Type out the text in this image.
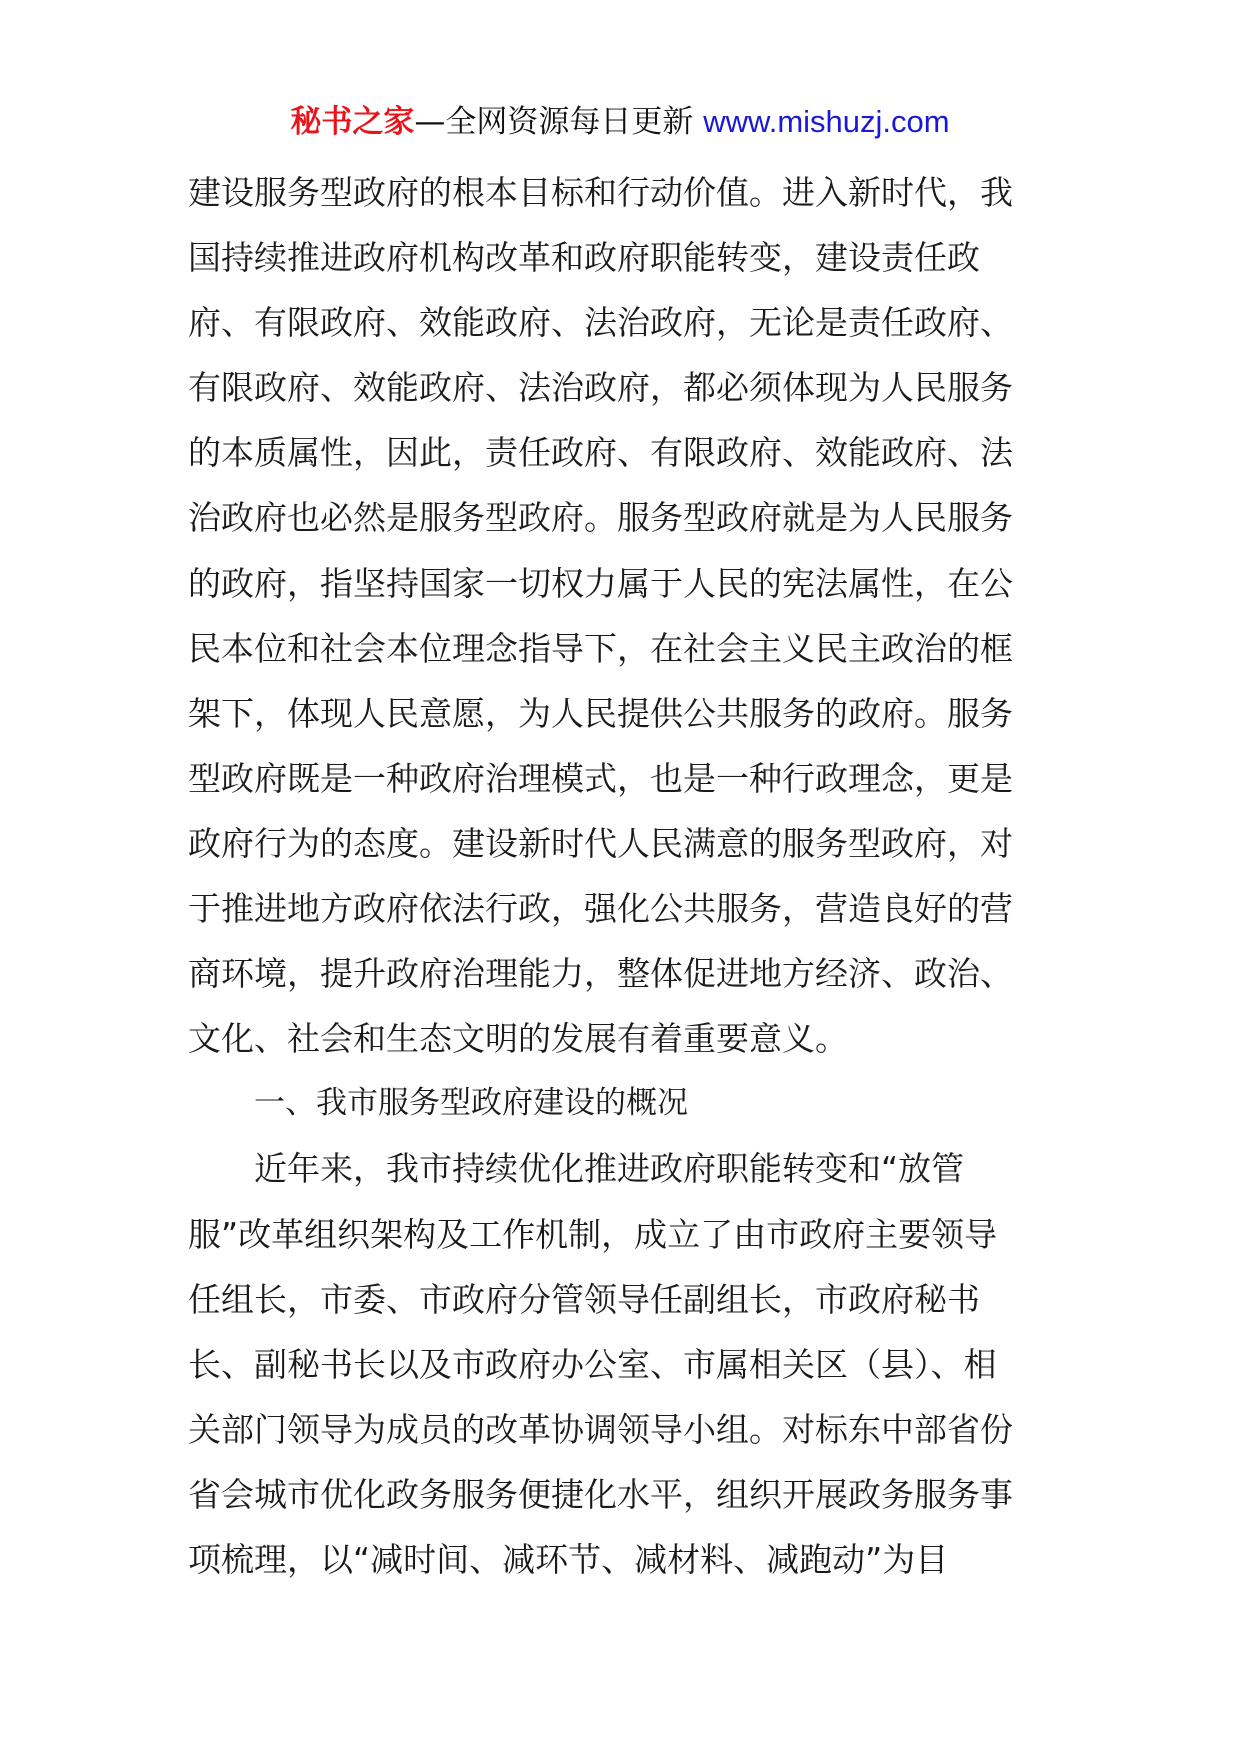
秘书之家—全网资源每日更新 www.mishuzj.com
建设服务型政府的根本目标和行动价值。进入新时代，我
国持续推进政府机构改革和政府职能转变，建设责任政
府、有限政府、效能政府、法治政府，无论是责任政府、
有限政府、效能政府、法治政府，都必须体现为人民服务
的本质属性，因此，责任政府、有限政府、效能政府、法
治政府也必然是服务型政府。服务型政府就是为人民服务
的政府，指坚持国家一切权力属于人民的宪法属性，在公
民本位和社会本位理念指导下，在社会主义民主政治的框
架下，体现人民意愿，为人民提供公共服务的政府。服务
型政府既是一种政府治理模式，也是一种行政理念，更是
政府行为的态度。建设新时代人民满意的服务型政府，对
于推进地方政府依法行政，强化公共服务，营造良好的营
商环境，提升政府治理能力，整体促进地方经济、政治、
文化、社会和生态文明的发展有着重要意义。
一、我市服务型政府建设的概况
近年来，我市持续优化推进政府职能转变和“放管
服”改革组织架构及工作机制，成立了由市政府主要领导
任组长，市委、市政府分管领导任副组长，市政府秘书
长、副秘书长以及市政府办公室、市属相关区（县）、相
关部门领导为成员的改革协调领导小组。对标东中部省份
省会城市优化政务服务便捷化水平，组织开展政务服务事
项梳理，以“减时间、减环节、减材料、减跑动”为目
